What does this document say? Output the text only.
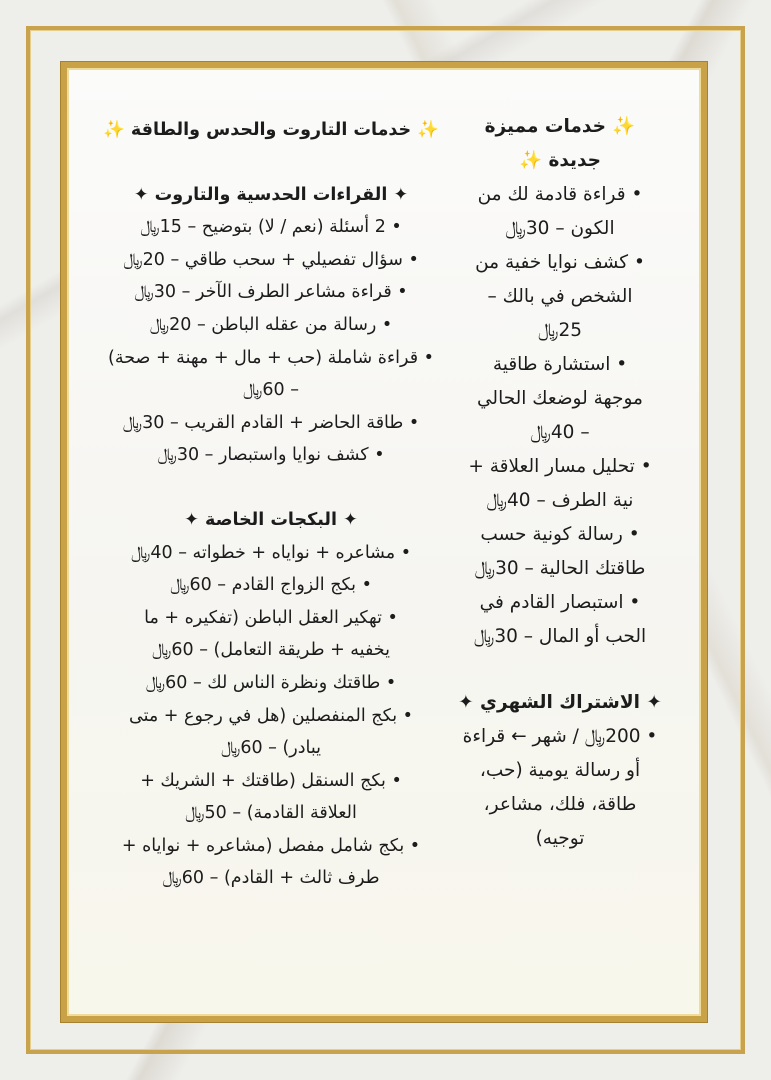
✨ خدمات التاروت والحدس والطاقة ✨
✦ القراءات الحدسية والتاروت ✦
• 2 أسئلة (نعم / لا) بتوضيح – 15﷼
• سؤال تفصيلي + سحب طاقي – 20﷼
• قراءة مشاعر الطرف الآخر – 30﷼
• رسالة من عقله الباطن – 20﷼
• قراءة شاملة (حب + مال + مهنة + صحة)
– 60﷼
• طاقة الحاضر + القادم القريب – 30﷼
• كشف نوايا واستبصار – 30﷼
✦ البكجات الخاصة ✦
• مشاعره + نواياه + خطواته – 40﷼
• بكج الزواج القادم – 60﷼
• تهكير العقل الباطن (تفكيره + ما
يخفيه + طريقة التعامل) – 60﷼
• طاقتك ونظرة الناس لك – 60﷼
• بكج المنفصلين (هل في رجوع + متى
يبادر) – 60﷼
• بكج السنقل (طاقتك + الشريك +
العلاقة القادمة) – 50﷼
• بكج شامل مفصل (مشاعره + نواياه +
طرف ثالث + القادم) – 60﷼
✨ خدمات مميزة
جديدة ✨
• قراءة قادمة لك من
الكون – 30﷼
• كشف نوايا خفية من
الشخص في بالك –
25﷼
• استشارة طاقية
موجهة لوضعك الحالي
– 40﷼
• تحليل مسار العلاقة +
نية الطرف – 40﷼
• رسالة كونية حسب
طاقتك الحالية – 30﷼
• استبصار القادم في
الحب أو المال – 30﷼
✦ الاشتراك الشهري ✦
• 200﷼ / شهر ← قراءة
أو رسالة يومية (حب،
طاقة، فلك، مشاعر،
توجيه)
